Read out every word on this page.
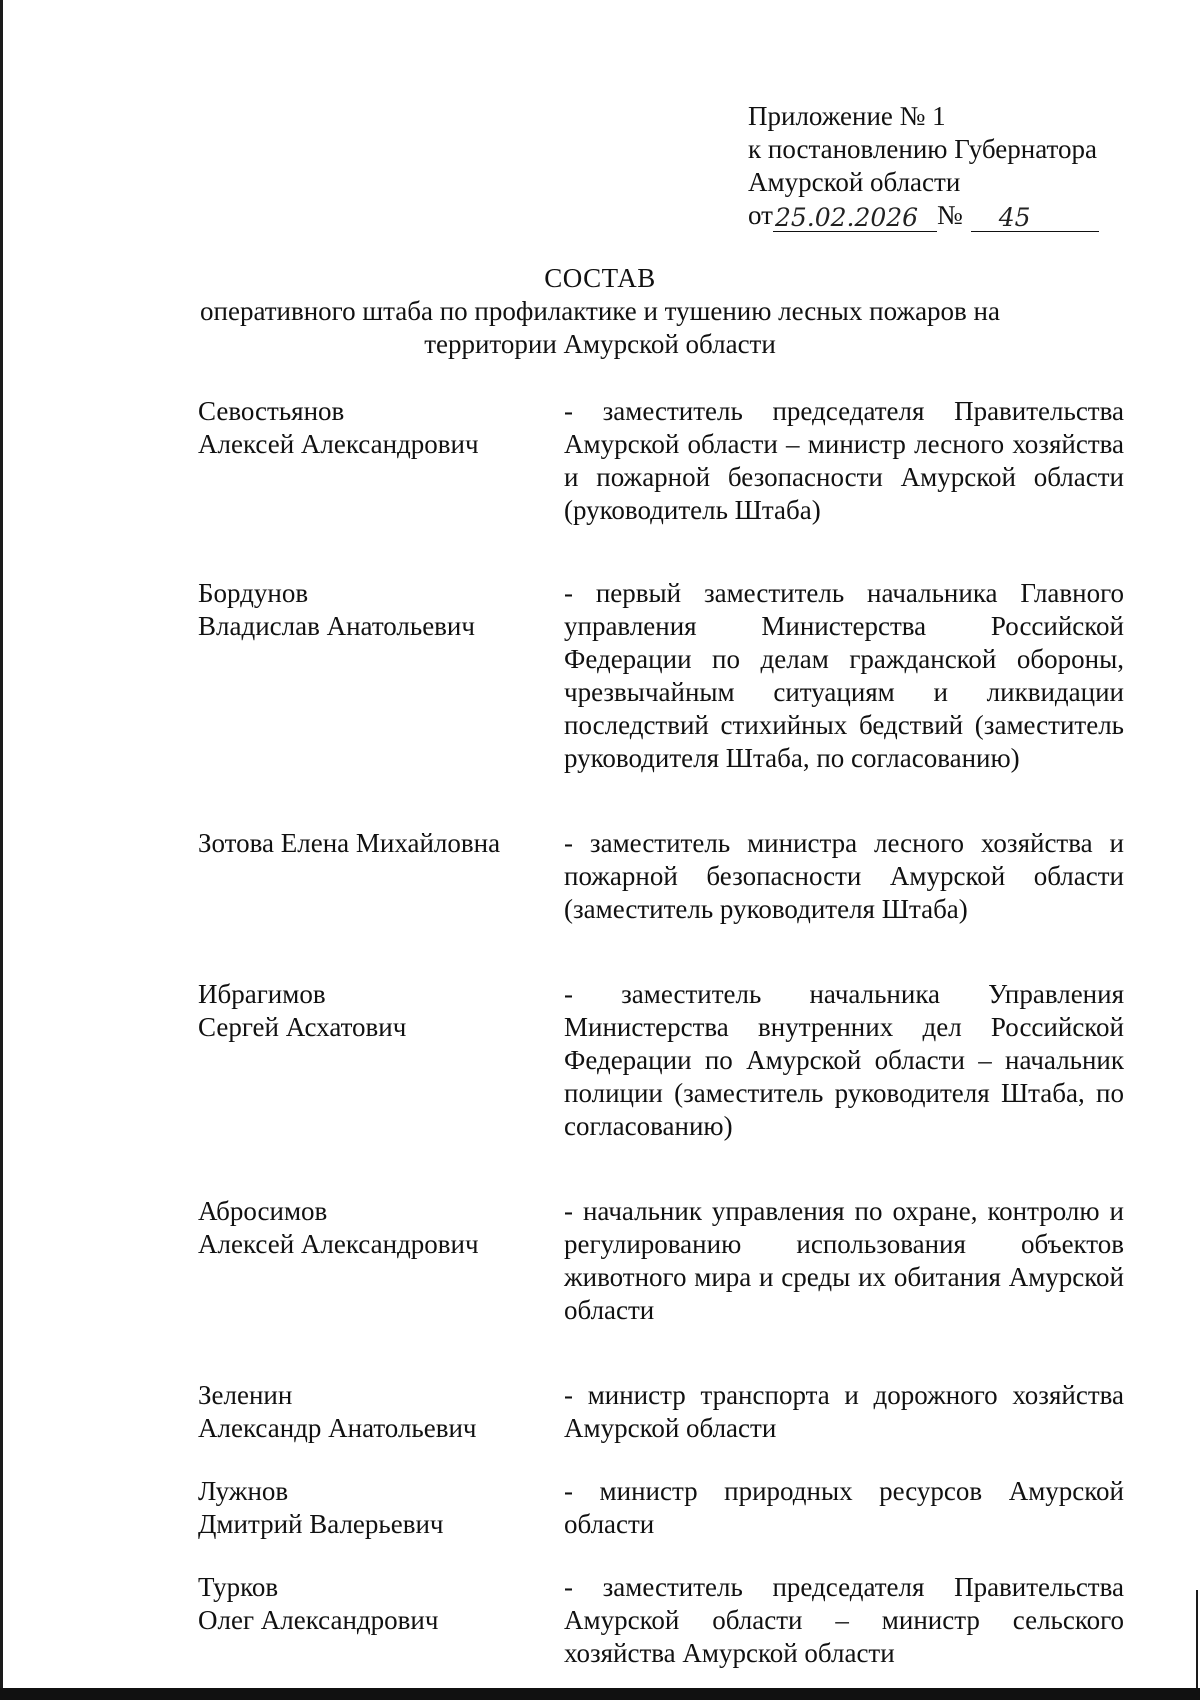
Приложение № 1
к постановлению Губернатора
Амурской области
от 25.02.2026 №	45
СОСТАВ
оперативного штаба по профилактике и тушению лесных пожаров на
территории Амурской области
Севостьянов
Алексей Александрович
- заместитель председателя Правительства Амурской области – министр лесного хозяйства и пожарной безопасности Амурской области (руководитель Штаба)
Бордунов
Владислав Анатольевич
- первый заместитель начальника Главного управления Министерства Российской Федерации по делам гражданской обороны, чрезвычайным ситуациям и ликвидации последствий стихийных бедствий (заместитель руководителя Штаба, по согласованию)
Зотова Елена Михайловна	- заместитель министра лесного хозяйства и пожарной безопасности Амурской области (заместитель руководителя Штаба)
Ибрагимов
Сергей Асхатович
- заместитель начальника Управления Министерства внутренних дел Российской Федерации по Амурской области – начальник полиции (заместитель руководителя Штаба, по согласованию)
Абросимов
Алексей Александрович
- начальник управления по охране, контролю и регулированию использования объектов животного мира и среды их обитания Амурской области
Зеленин
Александр Анатольевич
- министр транспорта и дорожного хозяйства Амурской области
Лужнов
Дмитрий Валерьевич
- министр природных ресурсов Амурской области
Турков
Олег Александрович
- заместитель председателя Правительства Амурской области – министр сельского хозяйства Амурской области
